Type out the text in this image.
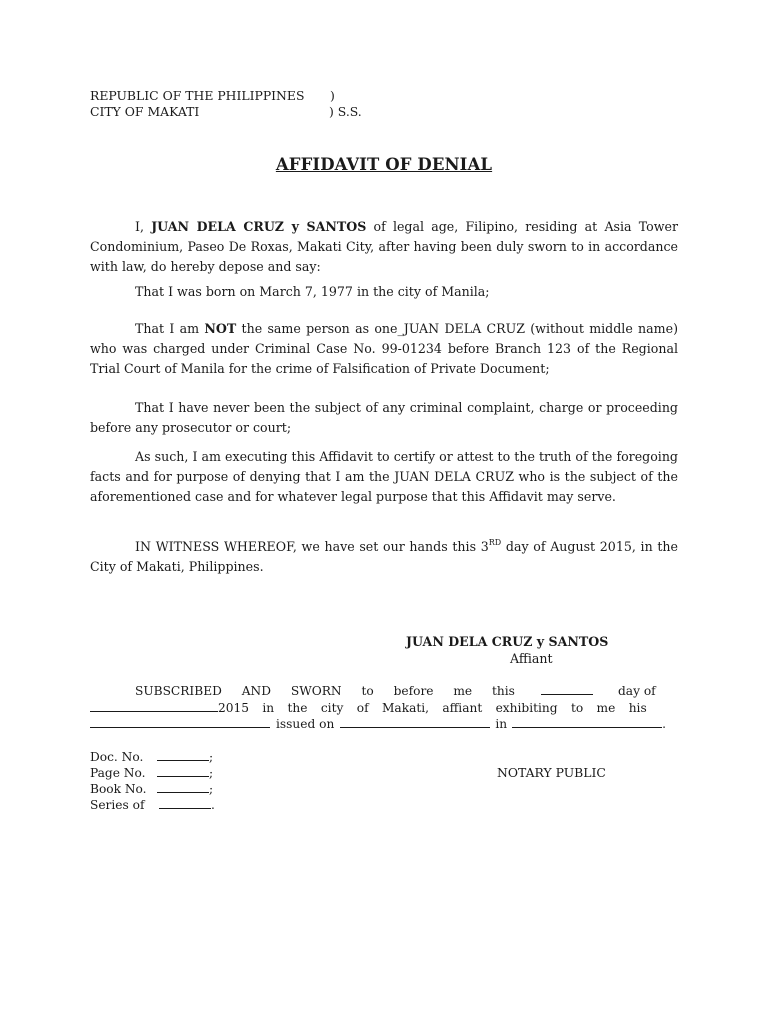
REPUBLIC OF THE PHILIPPINES )
CITY OF MAKATI	) S.S.
AFFIDAVIT OF DENIAL
I, JUAN DELA CRUZ y SANTOS of legal age, Filipino, residing at Asia Tower Condominium, Paseo De Roxas, Makati City, after having been duly sworn to in accordance with law, do hereby depose and say:
That I was born on March 7, 1977 in the city of Manila;
That I am NOT the same person as one_JUAN DELA CRUZ (without middle name) who was charged under Criminal Case No. 99-01234 before Branch 123 of the Regional Trial Court of Manila for the crime of Falsification of Private Document;
That I have never been the subject of any criminal complaint, charge or proceeding before any prosecutor or court;
As such, I am executing this Affidavit to certify or attest to the truth of the foregoing facts and for purpose of denying that I am the JUAN DELA CRUZ who is the subject of the aforementioned case and for whatever legal purpose that this Affidavit may serve.
IN WITNESS WHEREOF, we have set our hands this 3RD day of August 2015, in the City of Makati, Philippines.
JUAN DELA CRUZ y SANTOS
Affiant
SUBSCRIBED AND SWORN to before me this	day of
2015 in the city of Makati, affiant exhibiting to me his
issued on	in	.
Doc. No.	;
Page No.	;
Book No.	;
Series of	.
NOTARY PUBLIC
